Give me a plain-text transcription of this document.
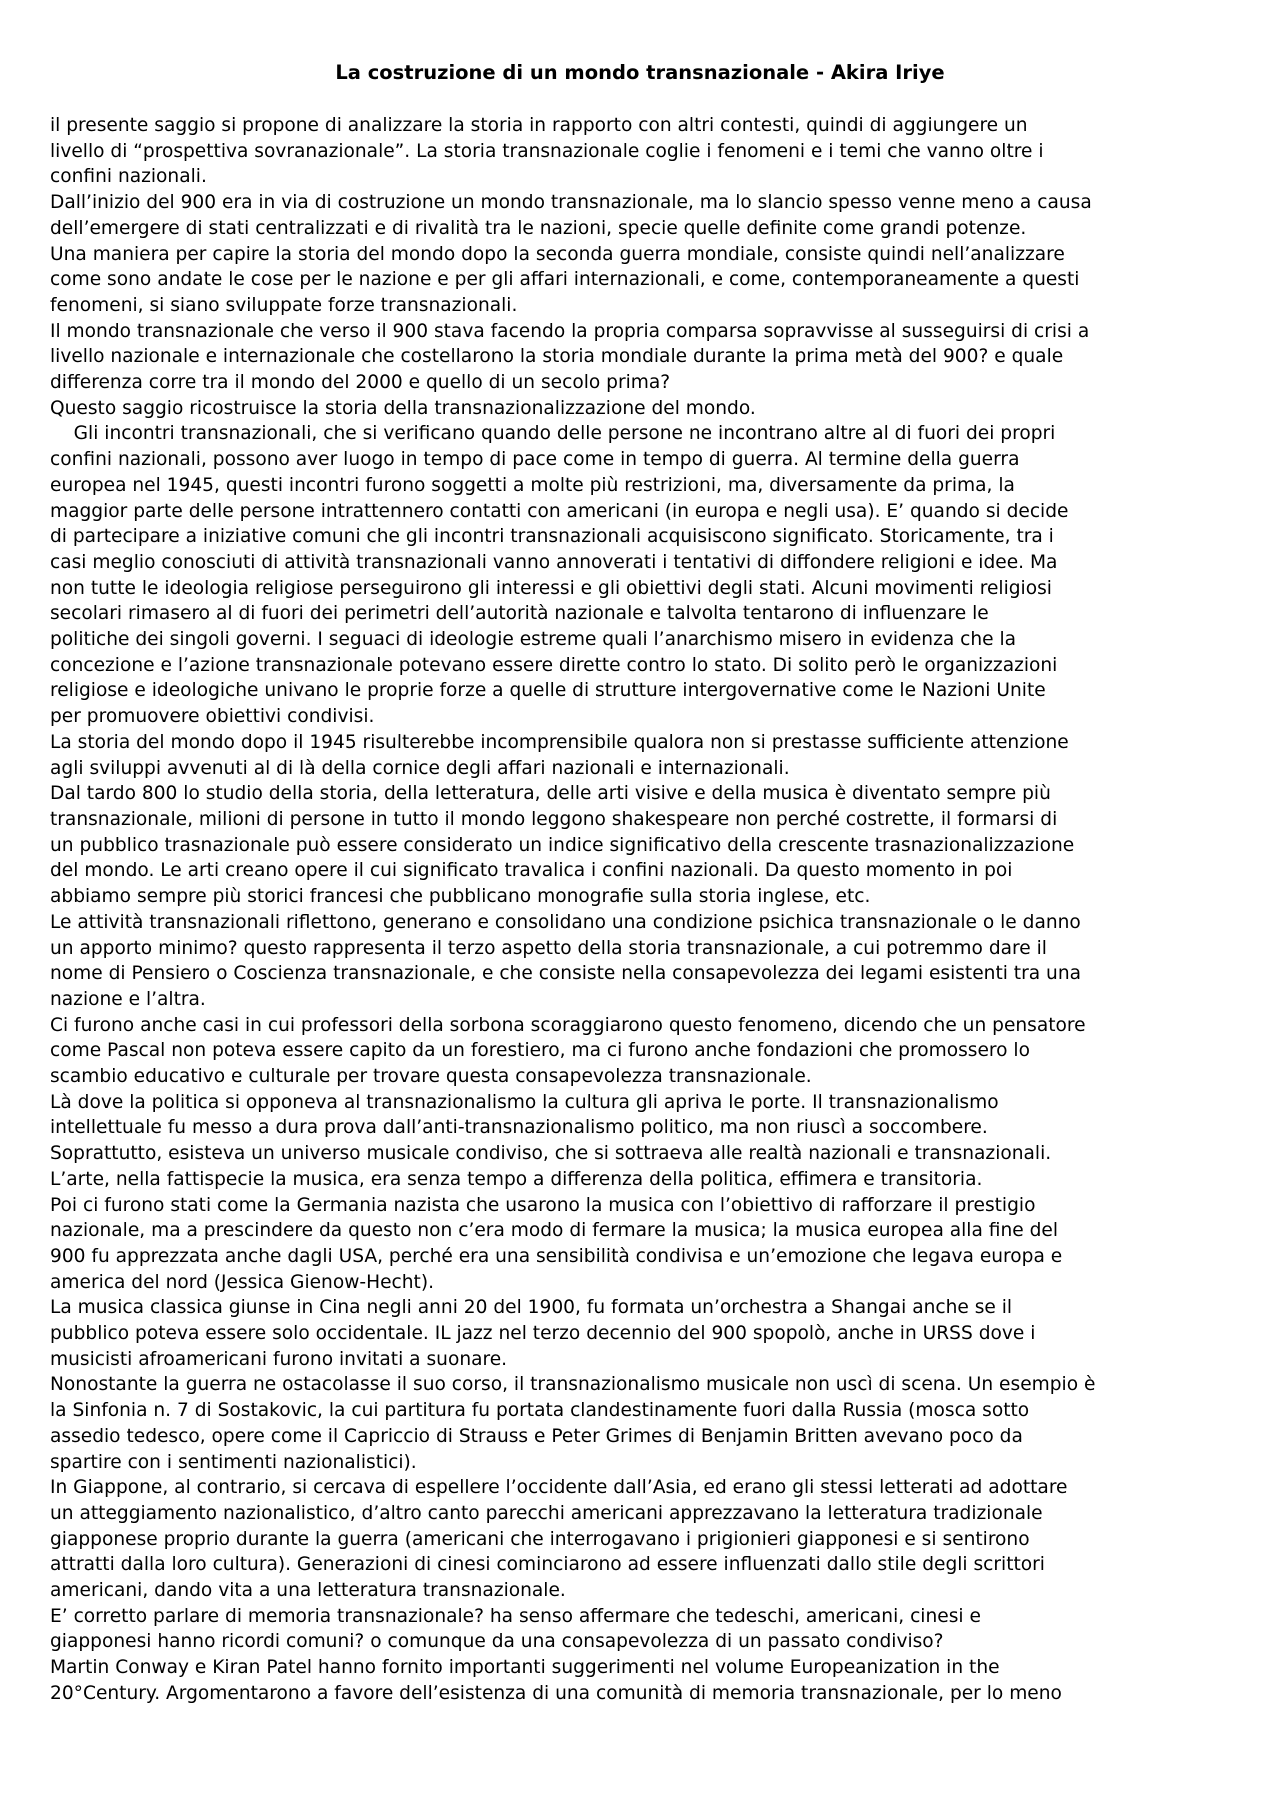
La costruzione di un mondo transnazionale - Akira Iriye
il presente saggio si propone di analizzare la storia in rapporto con altri contesti, quindi di aggiungere un
livello di “prospettiva sovranazionale”. La storia transnazionale coglie i fenomeni e i temi che vanno oltre i
confini nazionali.
Dall’inizio del 900 era in via di costruzione un mondo transnazionale, ma lo slancio spesso venne meno a causa
dell’emergere di stati centralizzati e di rivalità tra le nazioni, specie quelle definite come grandi potenze.
Una maniera per capire la storia del mondo dopo la seconda guerra mondiale, consiste quindi nell’analizzare
come sono andate le cose per le nazione e per gli affari internazionali, e come, contemporaneamente a questi
fenomeni, si siano sviluppate forze transnazionali.
Il mondo transnazionale che verso il 900 stava facendo la propria comparsa sopravvisse al susseguirsi di crisi a
livello nazionale e internazionale che costellarono la storia mondiale durante la prima metà del 900? e quale
differenza corre tra il mondo del 2000 e quello di un secolo prima?
Questo saggio ricostruisce la storia della transnazionalizzazione del mondo.
Gli incontri transnazionali, che si verificano quando delle persone ne incontrano altre al di fuori dei propri
confini nazionali, possono aver luogo in tempo di pace come in tempo di guerra. Al termine della guerra
europea nel 1945, questi incontri furono soggetti a molte più restrizioni, ma, diversamente da prima, la
maggior parte delle persone intrattennero contatti con americani (in europa e negli usa). E’ quando si decide
di partecipare a iniziative comuni che gli incontri transnazionali acquisiscono significato. Storicamente, tra i
casi meglio conosciuti di attività transnazionali vanno annoverati i tentativi di diffondere religioni e idee. Ma
non tutte le ideologia religiose perseguirono gli interessi e gli obiettivi degli stati. Alcuni movimenti religiosi
secolari rimasero al di fuori dei perimetri dell’autorità nazionale e talvolta tentarono di influenzare le
politiche dei singoli governi. I seguaci di ideologie estreme quali l’anarchismo misero in evidenza che la
concezione e l’azione transnazionale potevano essere dirette contro lo stato. Di solito però le organizzazioni
religiose e ideologiche univano le proprie forze a quelle di strutture intergovernative come le Nazioni Unite
per promuovere obiettivi condivisi.
La storia del mondo dopo il 1945 risulterebbe incomprensibile qualora non si prestasse sufficiente attenzione
agli sviluppi avvenuti al di là della cornice degli affari nazionali e internazionali.
Dal tardo 800 lo studio della storia, della letteratura, delle arti visive e della musica è diventato sempre più
transnazionale, milioni di persone in tutto il mondo leggono shakespeare non perché costrette, il formarsi di
un pubblico trasnazionale può essere considerato un indice significativo della crescente trasnazionalizzazione
del mondo. Le arti creano opere il cui significato travalica i confini nazionali. Da questo momento in poi
abbiamo sempre più storici francesi che pubblicano monografie sulla storia inglese, etc.
Le attività transnazionali riflettono, generano e consolidano una condizione psichica transnazionale o le danno
un apporto minimo? questo rappresenta il terzo aspetto della storia transnazionale, a cui potremmo dare il
nome di Pensiero o Coscienza transnazionale, e che consiste nella consapevolezza dei legami esistenti tra una
nazione e l’altra.
Ci furono anche casi in cui professori della sorbona scoraggiarono questo fenomeno, dicendo che un pensatore
come Pascal non poteva essere capito da un forestiero, ma ci furono anche fondazioni che promossero lo
scambio educativo e culturale per trovare questa consapevolezza transnazionale.
Là dove la politica si opponeva al transnazionalismo la cultura gli apriva le porte. Il transnazionalismo
intellettuale fu messo a dura prova dall’anti-transnazionalismo politico, ma non riuscì a soccombere.
Soprattutto, esisteva un universo musicale condiviso, che si sottraeva alle realtà nazionali e transnazionali.
L’arte, nella fattispecie la musica, era senza tempo a differenza della politica, effimera e transitoria.
Poi ci furono stati come la Germania nazista che usarono la musica con l’obiettivo di rafforzare il prestigio
nazionale, ma a prescindere da questo non c’era modo di fermare la musica; la musica europea alla fine del
900 fu apprezzata anche dagli USA, perché era una sensibilità condivisa e un’emozione che legava europa e
america del nord (Jessica Gienow-Hecht).
La musica classica giunse in Cina negli anni 20 del 1900, fu formata un’orchestra a Shangai anche se il
pubblico poteva essere solo occidentale. IL jazz nel terzo decennio del 900 spopolò, anche in URSS dove i
musicisti afroamericani furono invitati a suonare.
Nonostante la guerra ne ostacolasse il suo corso, il transnazionalismo musicale non uscì di scena. Un esempio è
la Sinfonia n. 7 di Sostakovic, la cui partitura fu portata clandestinamente fuori dalla Russia (mosca sotto
assedio tedesco, opere come il Capriccio di Strauss e Peter Grimes di Benjamin Britten avevano poco da
spartire con i sentimenti nazionalistici).
In Giappone, al contrario, si cercava di espellere l’occidente dall’Asia, ed erano gli stessi letterati ad adottare
un atteggiamento nazionalistico, d’altro canto parecchi americani apprezzavano la letteratura tradizionale
giapponese proprio durante la guerra (americani che interrogavano i prigionieri giapponesi e si sentirono
attratti dalla loro cultura). Generazioni di cinesi cominciarono ad essere influenzati dallo stile degli scrittori
americani, dando vita a una letteratura transnazionale.
E’ corretto parlare di memoria transnazionale? ha senso affermare che tedeschi, americani, cinesi e
giapponesi hanno ricordi comuni? o comunque da una consapevolezza di un passato condiviso?
Martin Conway e Kiran Patel hanno fornito importanti suggerimenti nel volume Europeanization in the
20°Century. Argomentarono a favore dell’esistenza di una comunità di memoria transnazionale, per lo meno
